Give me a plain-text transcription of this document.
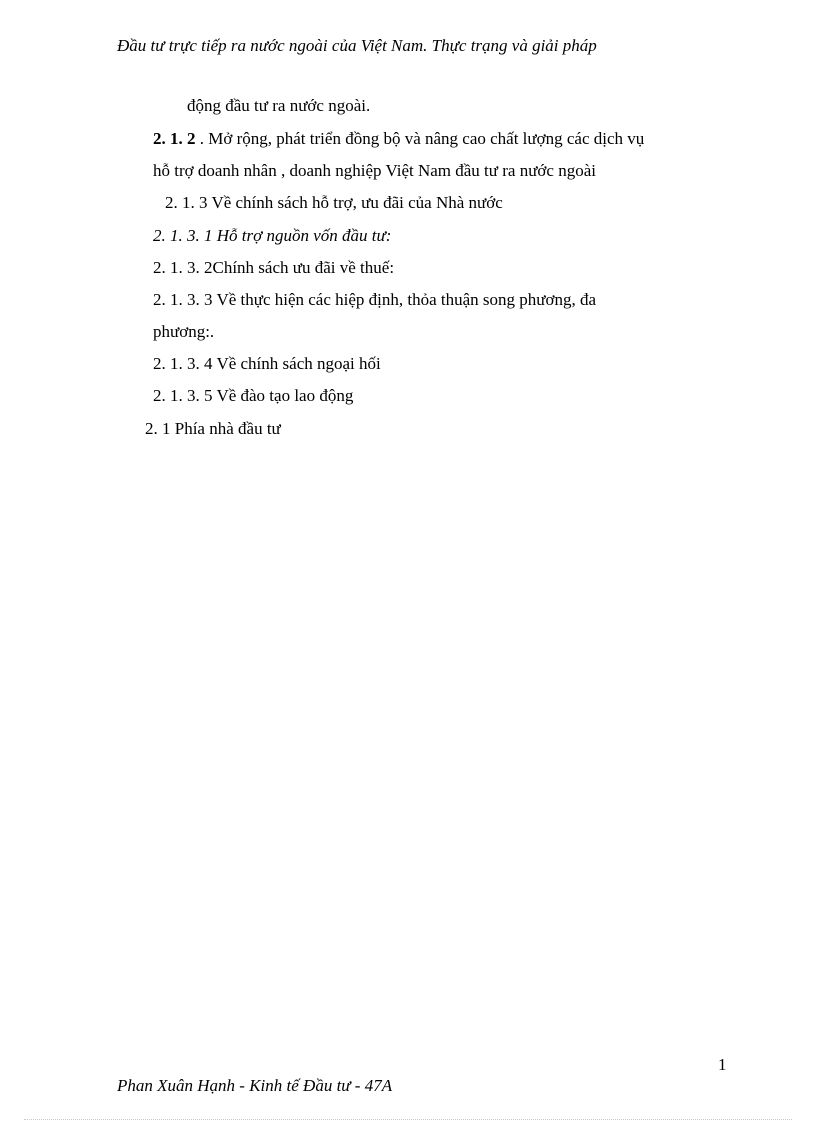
Đầu tư trực tiếp ra nước ngoài của Việt Nam. Thực trạng và giải pháp
động đầu tư ra nước ngoài.
2. 1. 2 . Mở rộng, phát triển đồng bộ và nâng cao chất lượng các dịch vụ
hỗ trợ doanh nhân , doanh nghiệp Việt Nam đầu tư ra nước ngoài
2. 1. 3 Về chính sách hỗ trợ, ưu đãi của Nhà nước
2. 1. 3. 1 Hỗ trợ nguồn vốn đầu tư:
2. 1. 3. 2Chính sách ưu đãi về thuế:
2. 1. 3. 3 Về thực hiện các hiệp định, thỏa thuận song phương, đa
phương:.
2. 1. 3. 4 Về chính sách ngoại hối
2. 1. 3. 5 Về đào tạo lao động
2. 1 Phía nhà đầu tư
1
Phan Xuân Hạnh - Kinh tế Đầu tư - 47A
